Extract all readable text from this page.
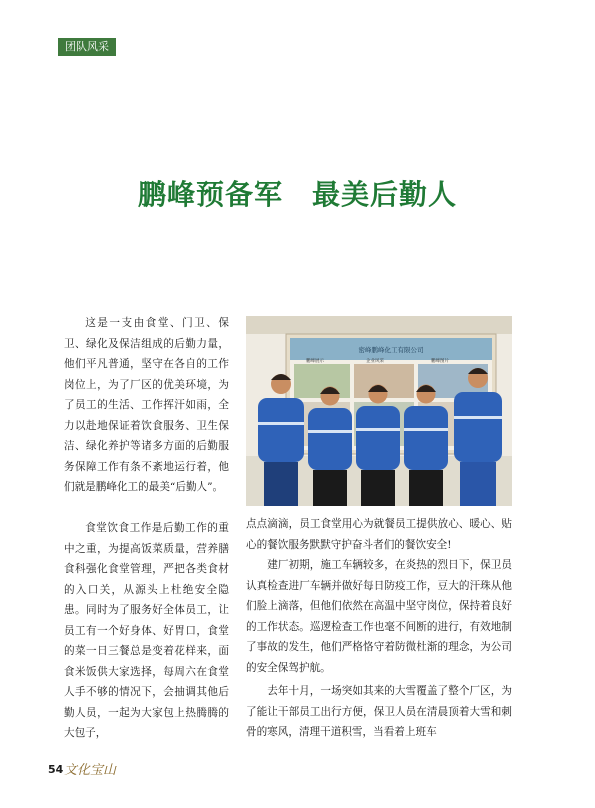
团队风采
鹏峰预备军　最美后勤人

这是一支由食堂、门卫、保卫、绿化及保洁组成的后勤力量，他们平凡普通，坚守在各自的工作岗位上，为了厂区的优美环境，为了员工的生活、工作挥汗如雨，全力以赴地保证着饮食服务、卫生保洁、绿化养护等诸多方面的后勤服务保障工作有条不紊地运行着，他们就是鹏峰化工的最美“后勤人”。

食堂饮食工作是后勤工作的重中之重，为提高饭菜质量，营养膳食科强化食堂管理，严把各类食材的入口关，从源头上杜绝安全隐患。同时为了服务好全体员工，让员工有一个好身体、好胃口，食堂的菜一日三餐总是变着花样来，面食米饭供大家选择，每周六在食堂人手不够的情况下，会抽调其他后勤人员，一起为大家包上热腾腾的大包子，

密峰鹏峰化工有限公司
鹏峰展示	企业风采	鹏峰图片

点点滴滴，员工食堂用心为就餐员工提供放心、暖心、贴心的餐饮服务默默守护奋斗者们的餐饮安全!

建厂初期，施工车辆较多，在炎热的烈日下，保卫员认真检查进厂车辆并做好每日防疫工作，豆大的汗珠从他们脸上滴落，但他们依然在高温中坚守岗位，保持着良好的工作状态。巡逻检查工作也毫不间断的进行，有效地制了事故的发生，他们严格恪守着防微杜渐的理念，为公司的安全保驾护航。

去年十月，一场突如其来的大雪覆盖了整个厂区，为了能让干部员工出行方便，保卫人员在清晨顶着大雪和刺骨的寒风，清理干道积雪，当看着上班车

54 文化宝山
